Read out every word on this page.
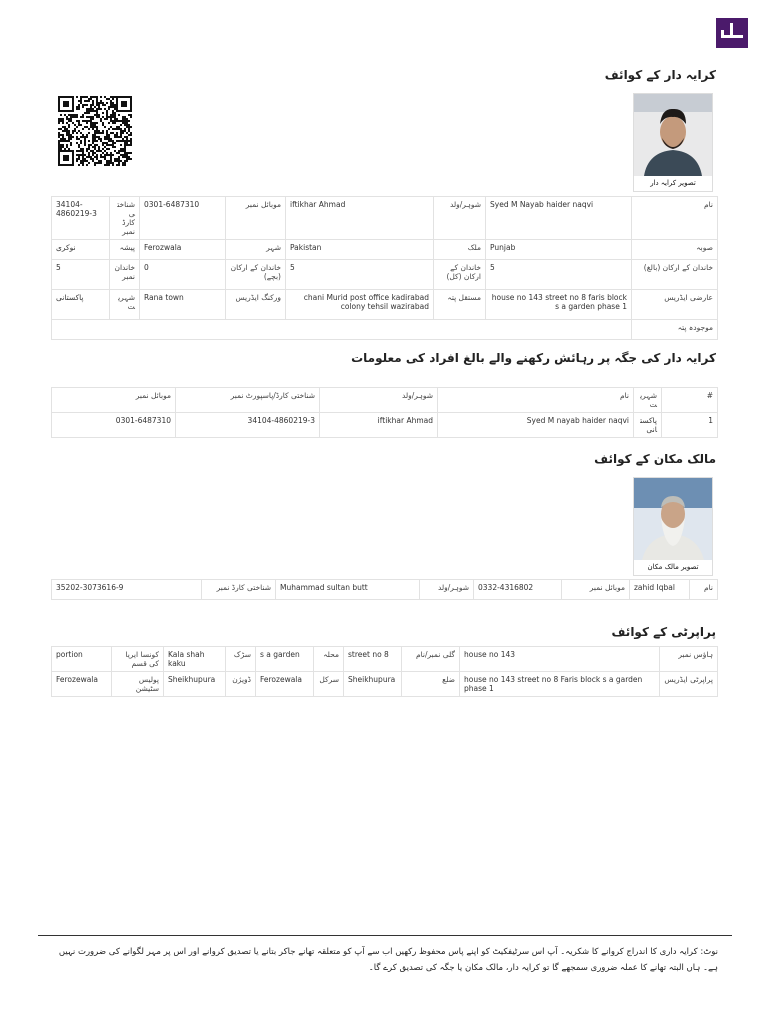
کرایہ دار کے کوائف
تصویر کرایہ دار
نام	Syed M Nayab haider naqvi	شوہر/ولد	iftikhar Ahmad	موبائل نمبر	0301-6487310	شناختی کارڈ نمبر	34104-4860219-3
صوبہ	Punjab	ملک	Pakistan	شہر	Ferozwala	پیشہ	نوکری
خاندان کے ارکان (بالغ)	5	خاندان کے ارکان (کل)	5	خاندان کے ارکان (بچے)	0	خاندان نمبر	5
عارضی ایڈریس	house no 143 street no 8 faris block s a garden phase 1	مستقل پتہ	chani Murid post office kadirabad colony tehsil wazirabad	ورکنگ ایڈریس	Rana town	شہریت	پاکستانی
موجودہ پتہ							
کرایہ دار کی جگہ پر رہائش رکھنے والے بالغ افراد کی معلومات
#	شہریت	نام	شوہر/ولد	شناختی کارڈ/پاسپورٹ نمبر	موبائل نمبر
1	پاکستانی	Syed M nayab haider naqvi	iftikhar Ahmad	34104-4860219-3	0301-6487310
مالک مکان کے کوائف
تصویر مالک مکان
نام	zahid Iqbal	موبائل نمبر	0332-4316802	شوہر/ولد	Muhammad sultan butt	شناختی کارڈ نمبر	35202-3073616-9
پراپرٹی کے کوائف
ہاؤس نمبر	house no 143	گلی نمبر/نام	street no 8	محلہ	s a garden	سڑک	Kala shah kaku	کونسا ایریا کی قسم	portion
پراپرٹی ایڈریس	house no 143 street no 8 Faris block s a garden phase 1	ضلع	Sheikhupura	سرکل	Ferozewala	ڈویژن	Sheikhupura	پولیس سٹیشن	Ferozewala
نوٹ: کرایہ داری کا اندراج کروانے کا شکریہ۔ آپ اس سرٹیفکیٹ کو اپنے پاس محفوظ رکھیں اب سے آپ کو متعلقہ تھانے جاکر بتانے یا تصدیق کروانے اور اس پر مہر لگوانے کی ضرورت نہیں ہے۔ ہاں البتہ تھانے کا عملہ ضروری سمجھے گا تو کرایہ دار، مالک مکان یا جگہ کی تصدیق کرے گا۔
